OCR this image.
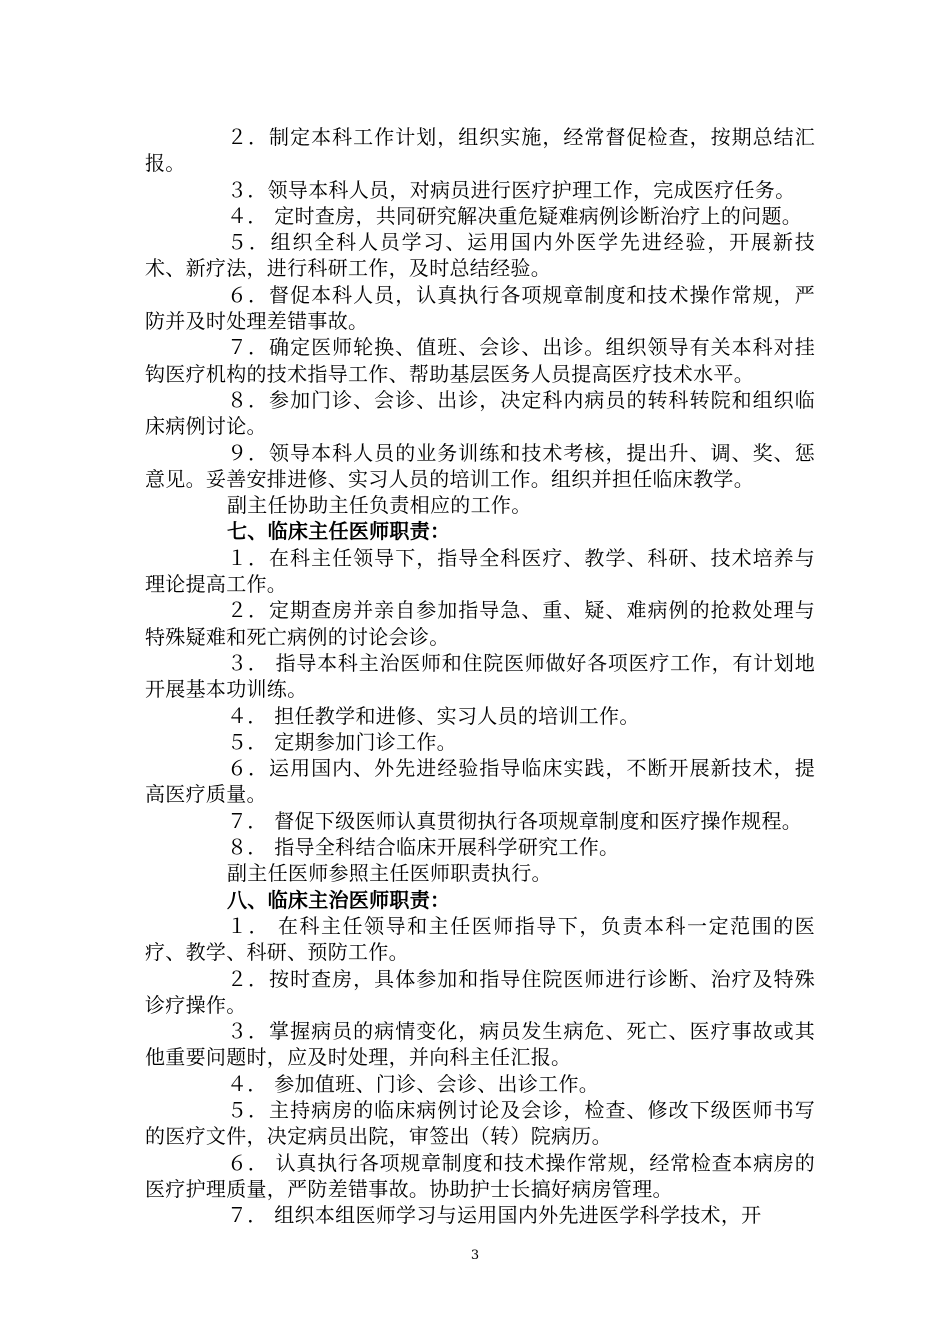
２．制定本科工作计划，组织实施，经常督促检查，按期总结汇报。

３．领导本科人员，对病员进行医疗护理工作，完成医疗任务。

４． 定时查房，共同研究解决重危疑难病例诊断治疗上的问题。

５．组织全科人员学习、运用国内外医学先进经验，开展新技术、新疗法，进行科研工作，及时总结经验。

６．督促本科人员，认真执行各项规章制度和技术操作常规，严防并及时处理差错事故。

７．确定医师轮换、值班、会诊、出诊。组织领导有关本科对挂钩医疗机构的技术指导工作、帮助基层医务人员提高医疗技术水平。

８．参加门诊、会诊、出诊，决定科内病员的转科转院和组织临床病例讨论。

９．领导本科人员的业务训练和技术考核，提出升、调、奖、惩意见。妥善安排进修、实习人员的培训工作。组织并担任临床教学。

副主任协助主任负责相应的工作。

七、临床主任医师职责：

１．在科主任领导下，指导全科医疗、教学、科研、技术培养与理论提高工作。

２．定期查房并亲自参加指导急、重、疑、难病例的抢救处理与特殊疑难和死亡病例的讨论会诊。

３． 指导本科主治医师和住院医师做好各项医疗工作，有计划地开展基本功训练。

４． 担任教学和进修、实习人员的培训工作。

５． 定期参加门诊工作。

６．运用国内、外先进经验指导临床实践，不断开展新技术，提高医疗质量。

７． 督促下级医师认真贯彻执行各项规章制度和医疗操作规程。

８． 指导全科结合临床开展科学研究工作。

副主任医师参照主任医师职责执行。

八、临床主治医师职责：

１． 在科主任领导和主任医师指导下，负责本科一定范围的医疗、教学、科研、预防工作。

２．按时查房，具体参加和指导住院医师进行诊断、治疗及特殊诊疗操作。

３．掌握病员的病情变化，病员发生病危、死亡、医疗事故或其他重要问题时，应及时处理，并向科主任汇报。

４． 参加值班、门诊、会诊、出诊工作。

５．主持病房的临床病例讨论及会诊，检查、修改下级医师书写的医疗文件，决定病员出院，审签出（转）院病历。

６． 认真执行各项规章制度和技术操作常规，经常检查本病房的医疗护理质量，严防差错事故。协助护士长搞好病房管理。

７． 组织本组医师学习与运用国内外先进医学科学技术，开

3
